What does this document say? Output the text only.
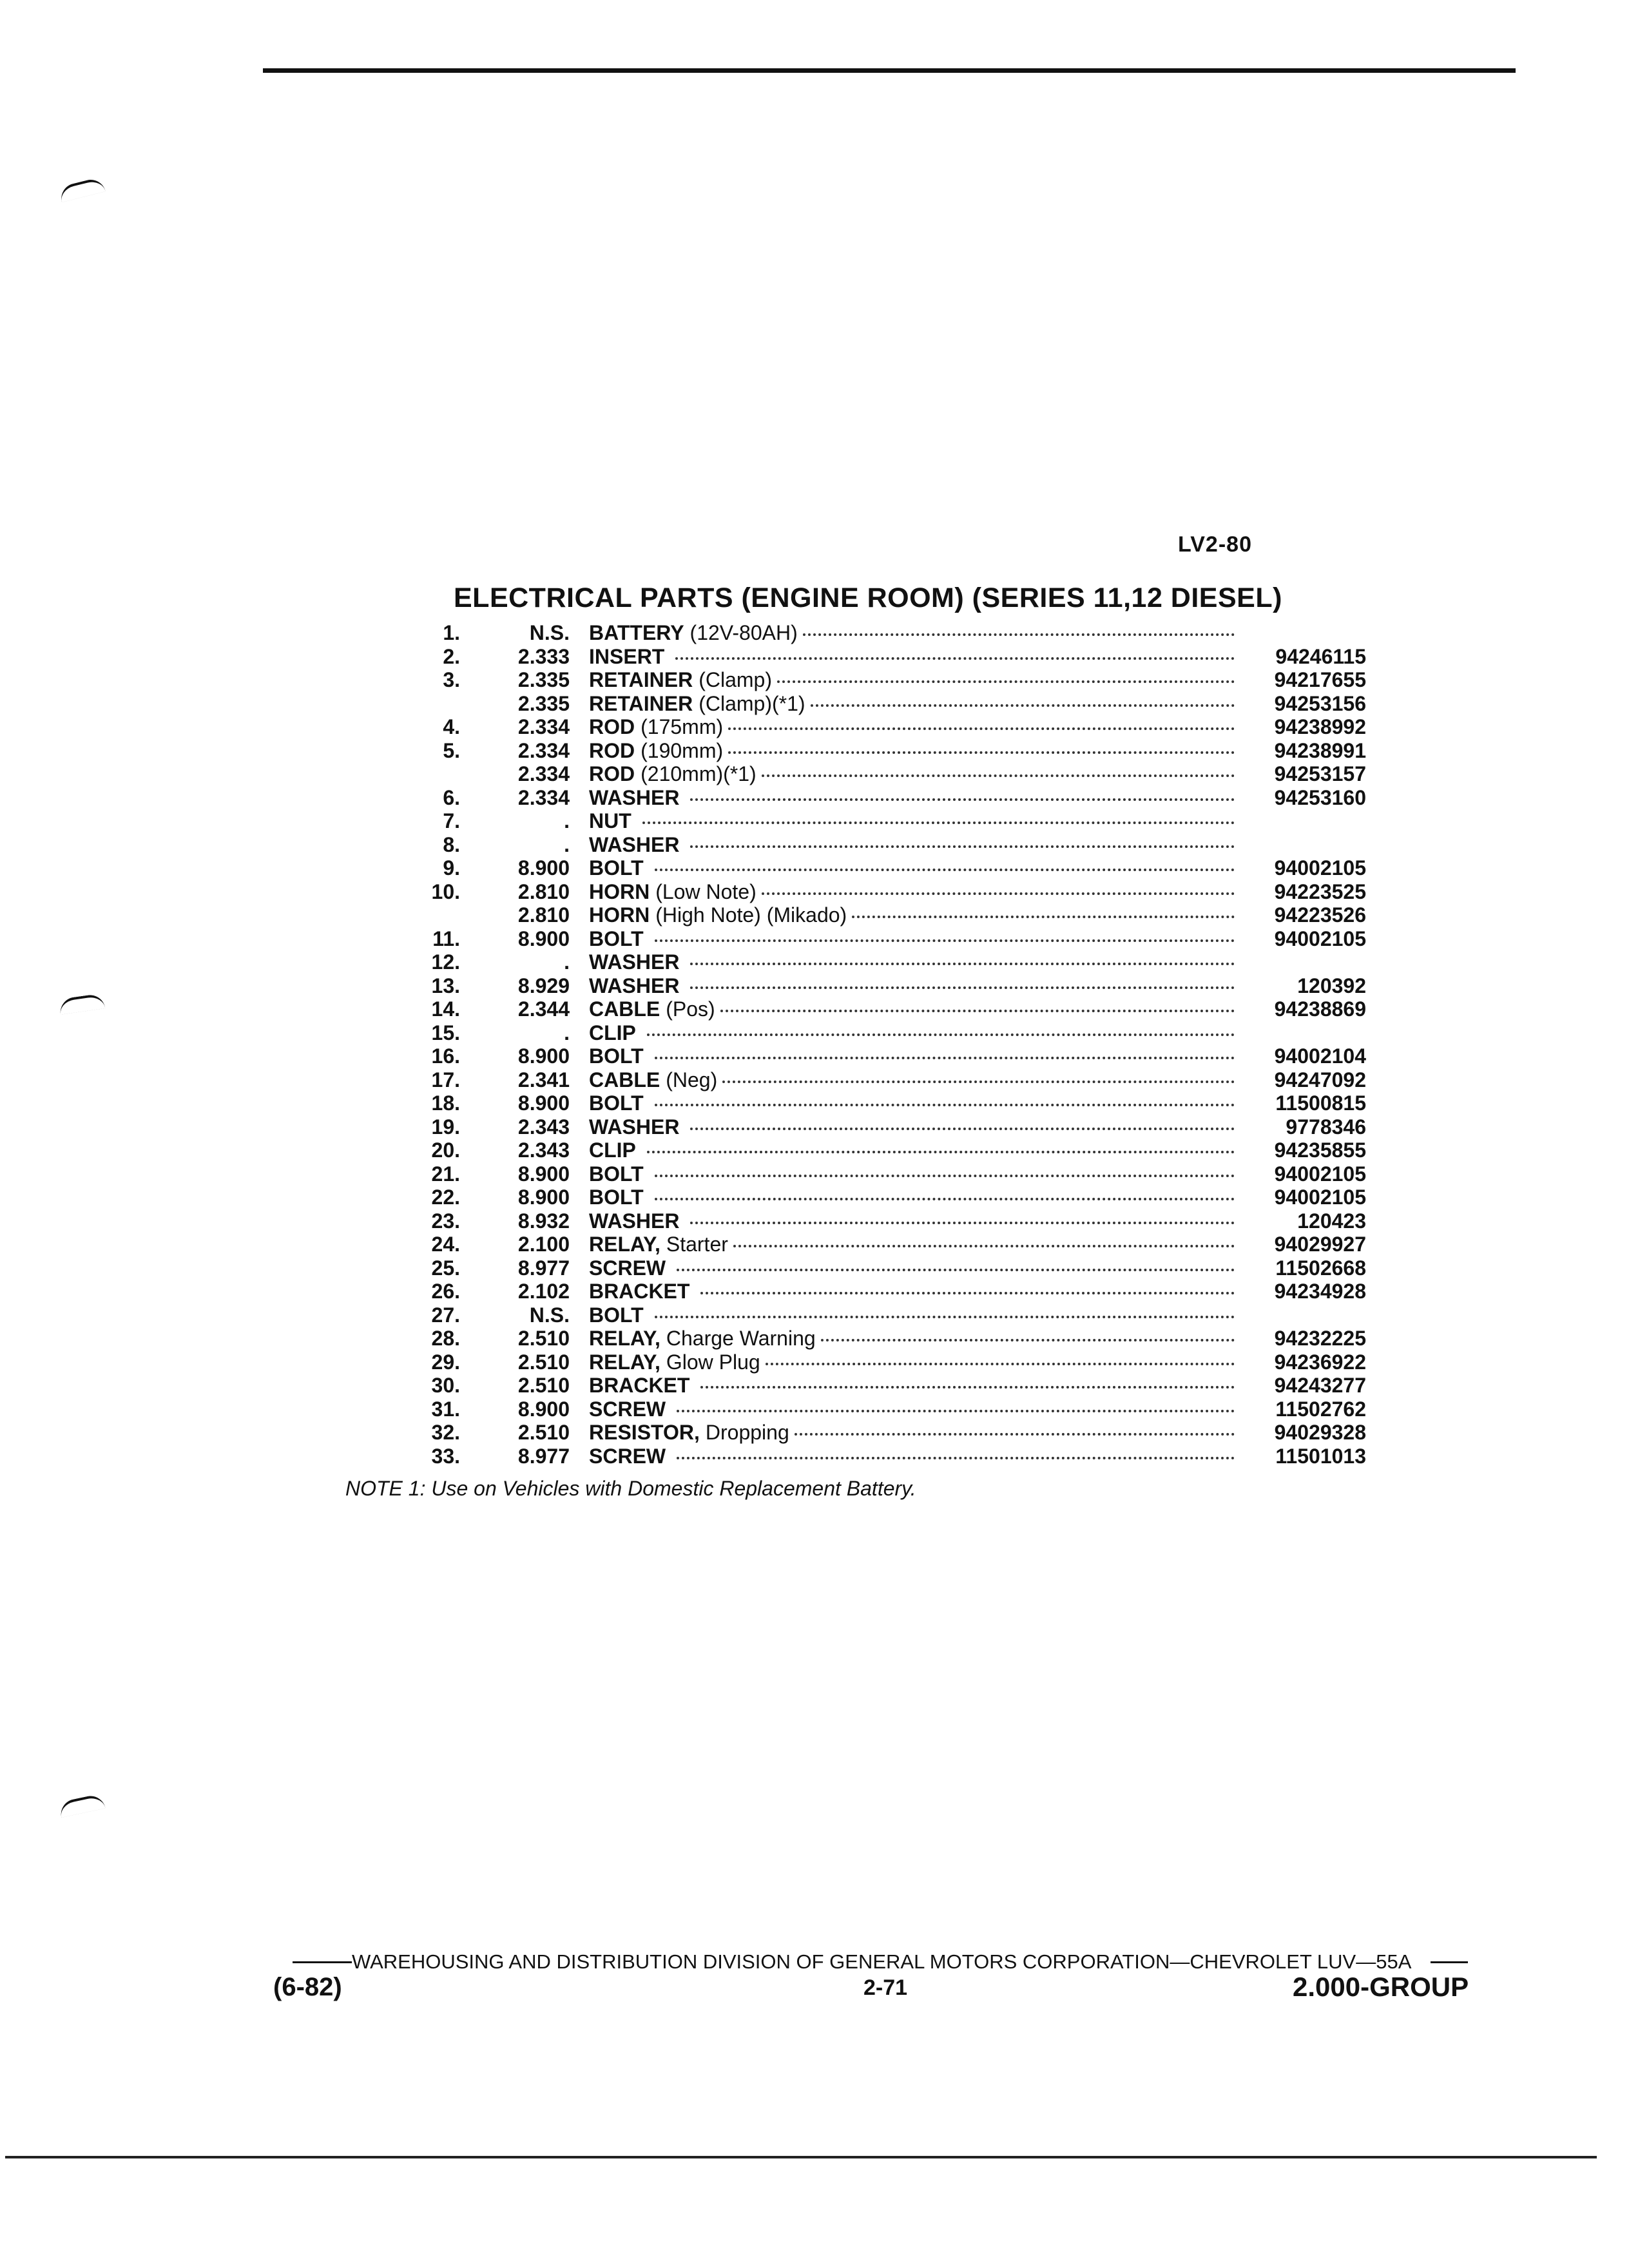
LV2-80
ELECTRICAL PARTS (ENGINE ROOM) (SERIES 11,12 DIESEL)
1.	N.S. BATTERY (12V-80AH)
2.	2.333 INSERT	94246115
3.	2.335 RETAINER (Clamp)	94217655
2.335 RETAINER (Clamp)(*1)	94253156
4.	2.334 ROD (175mm)	94238992
5.	2.334 ROD (190mm)	94238991
2.334 ROD (210mm)(*1)	94253157
6.	2.334 WASHER	94253160
7.	. NUT
8.	. WASHER
9.	8.900 BOLT	94002105
10.	2.810 HORN (Low Note)	94223525
2.810 HORN (High Note) (Mikado)	94223526
11.	8.900 BOLT	94002105
12.	. WASHER
13.	8.929 WASHER	120392
14.	2.344 CABLE (Pos)	94238869
15.	. CLIP
16.	8.900 BOLT	94002104
17.	2.341 CABLE (Neg)	94247092
18.	8.900 BOLT	11500815
19.	2.343 WASHER	9778346
20.	2.343 CLIP	94235855
21.	8.900 BOLT	94002105
22.	8.900 BOLT	94002105
23.	8.932 WASHER	120423
24.	2.100 RELAY, Starter	94029927
25.	8.977 SCREW	11502668
26.	2.102 BRACKET	94234928
27.	N.S. BOLT
28.	2.510 RELAY, Charge Warning	94232225
29.	2.510 RELAY, Glow Plug	94236922
30.	2.510 BRACKET	94243277
31.	8.900 SCREW	11502762
32.	2.510 RESISTOR, Dropping	94029328
33.	8.977 SCREW	11501013
NOTE 1: Use on Vehicles with Domestic Replacement Battery.
WAREHOUSING AND DISTRIBUTION DIVISION OF GENERAL MOTORS CORPORATION—CHEVROLET LUV—55A
(6-82)	2-71	2.000-GROUP
